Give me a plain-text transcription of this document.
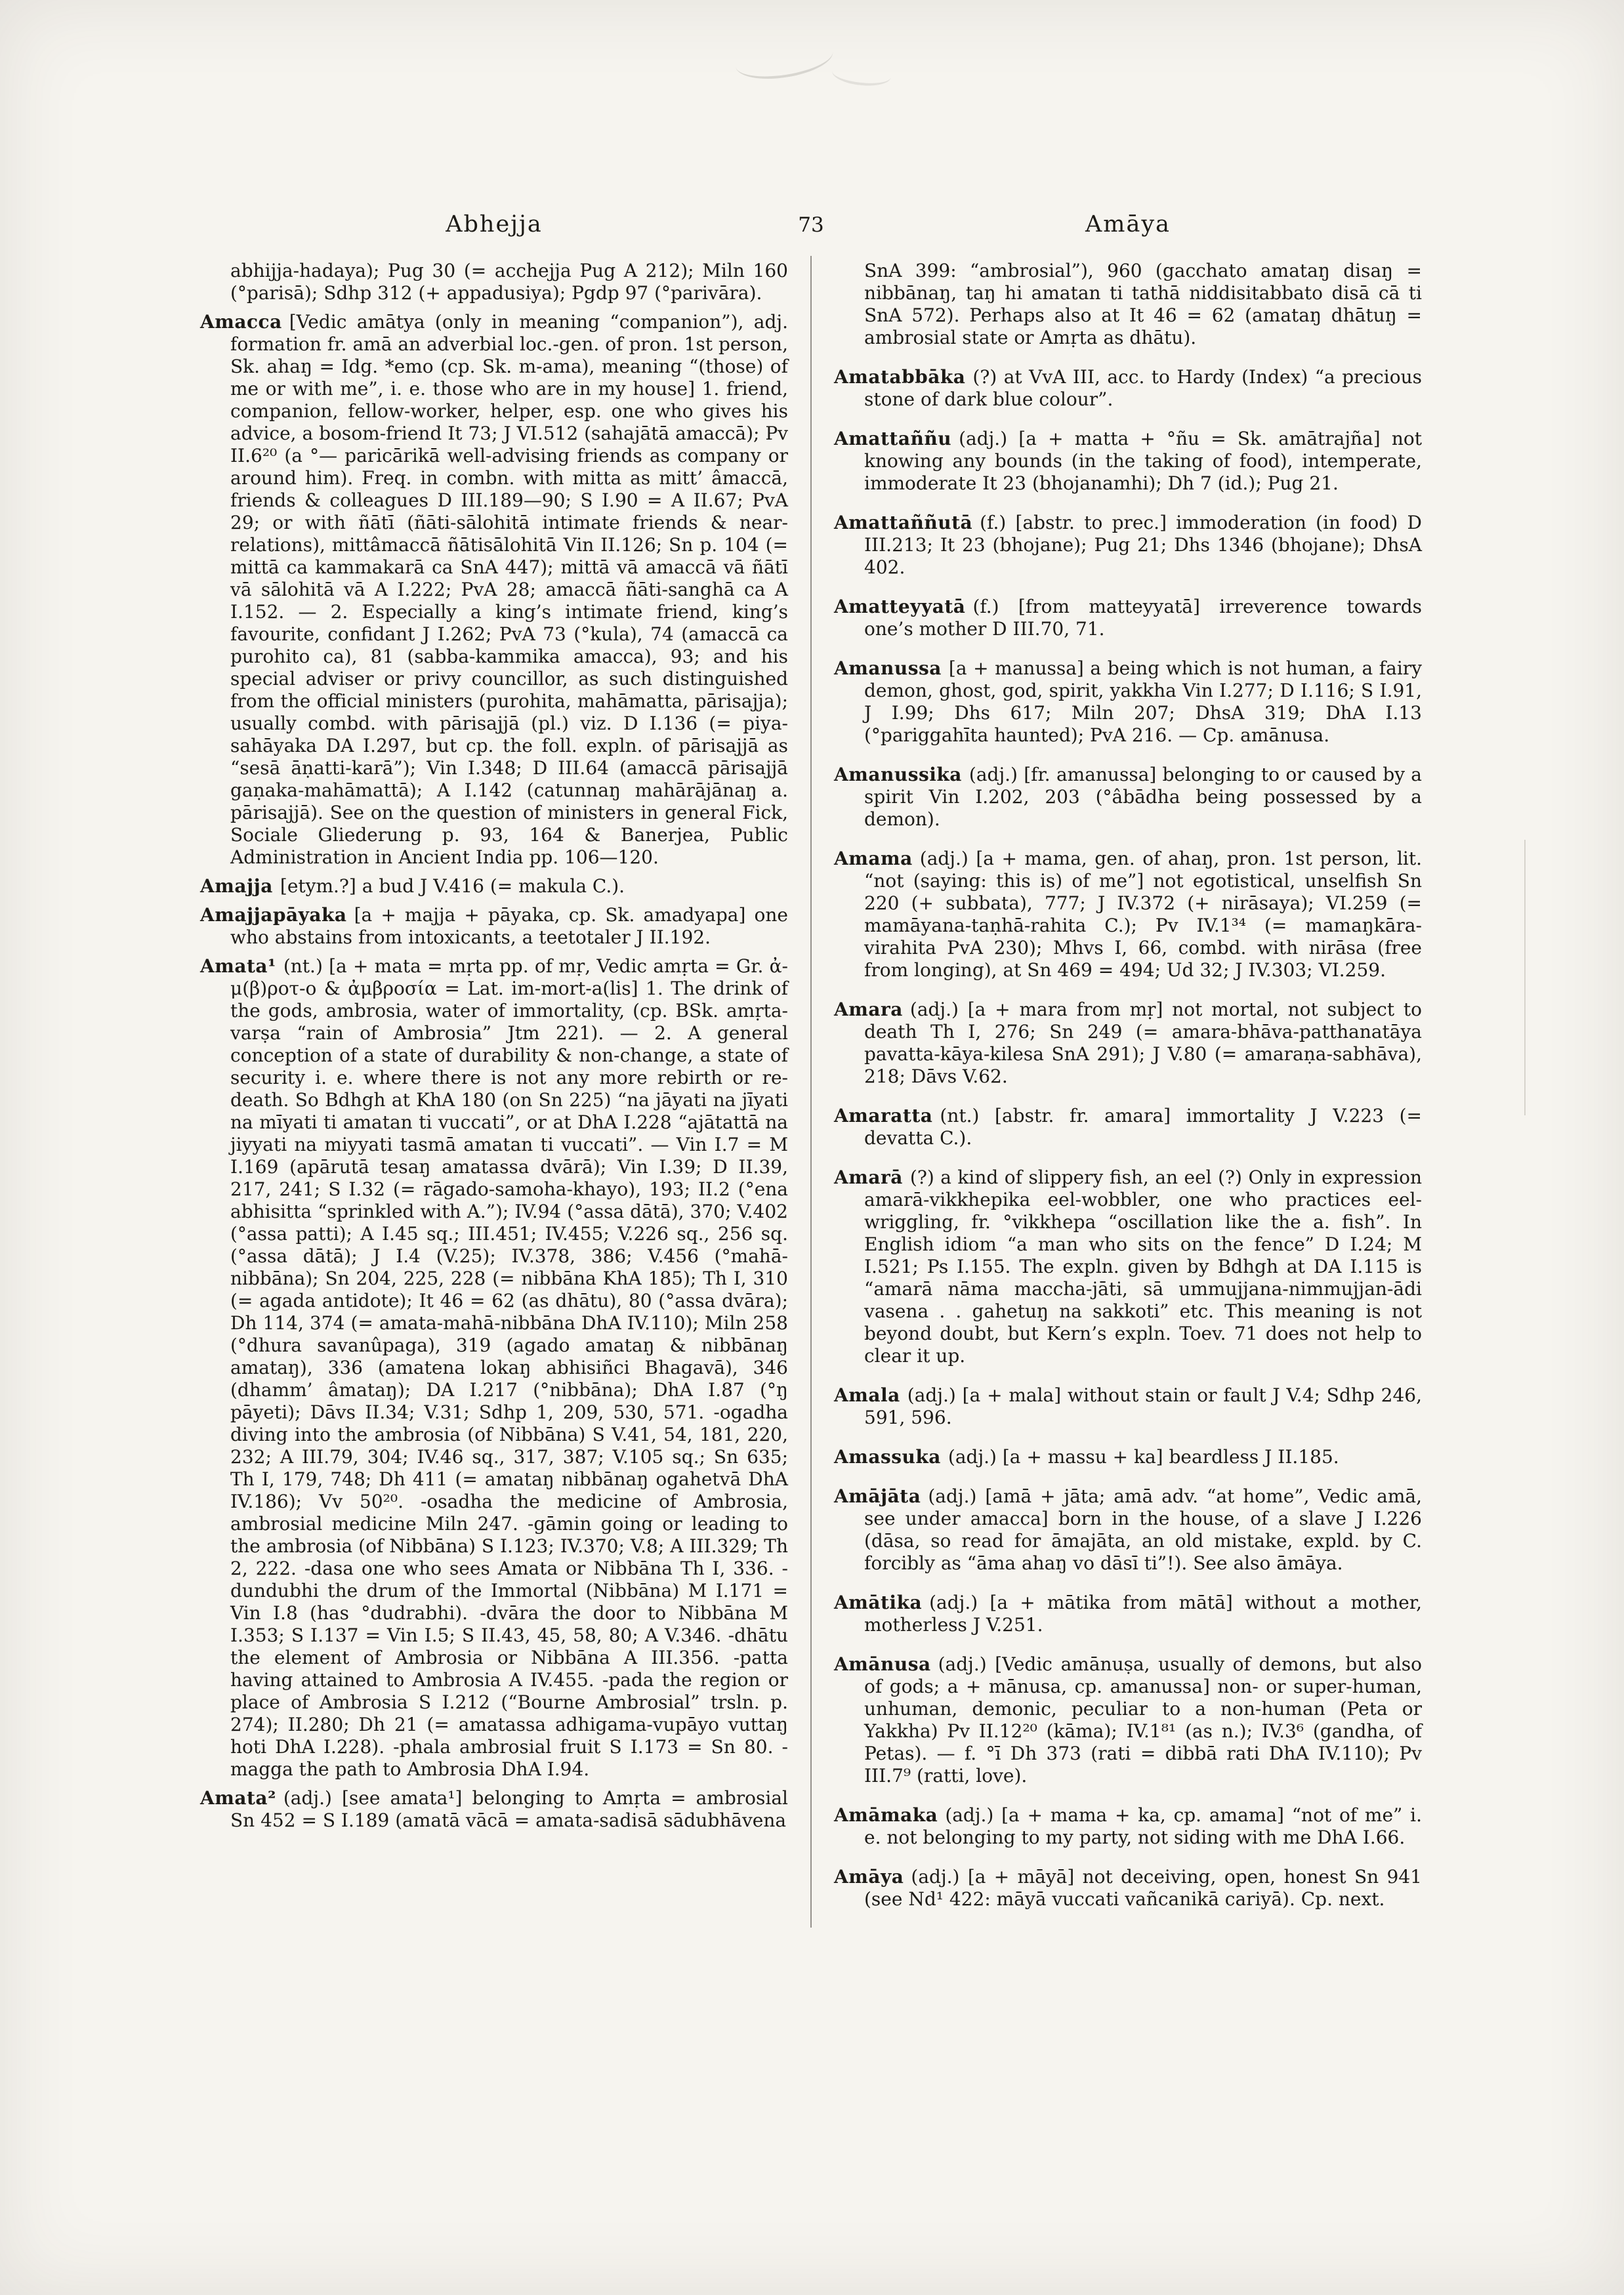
Abhejja	73	Amāya

abhijja-hadaya); Pug 30 (= acchejja Pug A 212); Miln 160 (°parisā); Sdhp 312 (+ appadusiya); Pgdp 97 (°parivāra).

Amacca [Vedic amātya (only in meaning “companion”), adj. formation fr. amā an adverbial loc.-gen. of pron. 1st person, Sk. ahaŋ = Idg. *emo (cp. Sk. m-ama), meaning “(those) of me or with me”, i. e. those who are in my house] 1. friend, companion, fellow-worker, helper, esp. one who gives his advice, a bosom-friend It 73; J VI.512 (sahajātā amaccā); Pv II.6²⁰ (a °— paricārikā well-advising friends as company or around him). Freq. in combn. with mitta as mitt’ âmaccā, friends & colleagues D III.189—90; S I.90 = A II.67; PvA 29; or with ñātī (ñāti-sālohitā intimate friends & near-relations), mittâmaccā ñātisālohitā Vin II.126; Sn p. 104 (= mittā ca kammakarā ca SnA 447); mittā vā amaccā vā ñātī vā sālohitā vā A I.222; PvA 28; amaccā ñāti-sanghā ca A I.152. — 2. Especially a king’s intimate friend, king’s favourite, confidant J I.262; PvA 73 (°kula), 74 (amaccā ca purohito ca), 81 (sabba-kammika amacca), 93; and his special adviser or privy councillor, as such distinguished from the official ministers (purohita, mahāmatta, pārisajja); usually combd. with pārisajjā (pl.) viz. D I.136 (= piya-sahāyaka DA I.297, but cp. the foll. expln. of pārisajjā as “sesā āṇatti-karā”); Vin I.348; D III.64 (amaccā pārisajjā gaṇaka-mahāmattā); A I.142 (catunnaŋ mahārājānaŋ a. pārisajjā). See on the question of ministers in general Fick, Sociale Gliederung p. 93, 164 & Banerjea, Public Administration in Ancient India pp. 106—120.

Amajja [etym.?] a bud J V.416 (= makula C.).

Amajjapāyaka [a + majja + pāyaka, cp. Sk. amadyapa] one who abstains from intoxicants, a teetotaler J II.192.

Amata¹ (nt.) [a + mata = mṛta pp. of mṛ, Vedic amṛta = Gr. ἀ-μ(β)ροτ-ο & ἀμβροσία = Lat. im-mort-a(lis] 1. The drink of the gods, ambrosia, water of immortality, (cp. BSk. amṛta-varṣa “rain of Ambrosia” Jtm 221). — 2. A general conception of a state of durability & non-change, a state of security i. e. where there is not any more rebirth or re-death. So Bdhgh at KhA 180 (on Sn 225) “na jāyati na jīyati na mīyati ti amatan ti vuccati”, or at DhA I.228 “ajātattā na jiyyati na miyyati tasmā amatan ti vuccati”. — Vin I.7 = M I.169 (apārutā tesaŋ amatassa dvārā); Vin I.39; D II.39, 217, 241; S I.32 (= rāgado-samoha-khayo), 193; II.2 (°ena abhisitta “sprinkled with A.”); IV.94 (°assa dātā), 370; V.402 (°assa patti); A I.45 sq.; III.451; IV.455; V.226 sq., 256 sq. (°assa dātā); J I.4 (V.25); IV.378, 386; V.456 (°mahā-nibbāna); Sn 204, 225, 228 (= nibbāna KhA 185); Th I, 310 (= agada antidote); It 46 = 62 (as dhātu), 80 (°assa dvāra); Dh 114, 374 (= amata-mahā-nibbāna DhA IV.110); Miln 258 (°dhura savanûpaga), 319 (agado amataŋ & nibbānaŋ amataŋ), 336 (amatena lokaŋ abhisiñci Bhagavā), 346 (dhamm’ âmataŋ); DA I.217 (°nibbāna); DhA I.87 (°ŋ pāyeti); Dāvs II.34; V.31; Sdhp 1, 209, 530, 571. -ogadha diving into the ambrosia (of Nibbāna) S V.41, 54, 181, 220, 232; A III.79, 304; IV.46 sq., 317, 387; V.105 sq.; Sn 635; Th I, 179, 748; Dh 411 (= amataŋ nibbānaŋ ogahetvā DhA IV.186); Vv 50²⁰. -osadha the medicine of Ambrosia, ambrosial medicine Miln 247. -gāmin going or leading to the ambrosia (of Nibbāna) S I.123; IV.370; V.8; A III.329; Th 2, 222. -dasa one who sees Amata or Nibbāna Th I, 336. -dundubhi the drum of the Immortal (Nibbāna) M I.171 = Vin I.8 (has °dudrabhi). -dvāra the door to Nibbāna M I.353; S I.137 = Vin I.5; S II.43, 45, 58, 80; A V.346. -dhātu the element of Ambrosia or Nibbāna A III.356. -patta having attained to Ambrosia A IV.455. -pada the region or place of Ambrosia S I.212 (“Bourne Ambrosial” trsln. p. 274); II.280; Dh 21 (= amatassa adhigama-vupāyo vuttaŋ hoti DhA I.228). -phala ambrosial fruit S I.173 = Sn 80. -magga the path to Ambrosia DhA I.94.

Amata² (adj.) [see amata¹] belonging to Amṛta = ambrosial Sn 452 = S I.189 (amatā vācā = amata-sadisā sādubhāvena

SnA 399: “ambrosial”), 960 (gacchato amataŋ disaŋ = nibbānaŋ, taŋ hi amatan ti tathā niddisitabbato disā cā ti SnA 572). Perhaps also at It 46 = 62 (amataŋ dhātuŋ = ambrosial state or Amṛta as dhātu).

Amatabbāka (?) at VvA III, acc. to Hardy (Index) “a precious stone of dark blue colour”.

Amattaññu (adj.) [a + matta + °ñu = Sk. amātrajña] not knowing any bounds (in the taking of food), intemperate, immoderate It 23 (bhojanamhi); Dh 7 (id.); Pug 21.

Amattaññutā (f.) [abstr. to prec.] immoderation (in food) D III.213; It 23 (bhojane); Pug 21; Dhs 1346 (bhojane); DhsA 402.

Amatteyyatā (f.) [from matteyyatā] irreverence towards one’s mother D III.70, 71.

Amanussa [a + manussa] a being which is not human, a fairy demon, ghost, god, spirit, yakkha Vin I.277; D I.116; S I.91, J I.99; Dhs 617; Miln 207; DhsA 319; DhA I.13 (°pariggahīta haunted); PvA 216. — Cp. amānusa.

Amanussika (adj.) [fr. amanussa] belonging to or caused by a spirit Vin I.202, 203 (°âbādha being possessed by a demon).

Amama (adj.) [a + mama, gen. of ahaŋ, pron. 1st person, lit. “not (saying: this is) of me”] not egotistical, unselfish Sn 220 (+ subbata), 777; J IV.372 (+ nirāsaya); VI.259 (= mamāyana-taṇhā-rahita C.); Pv IV.1³⁴ (= mamaŋkāra-virahita PvA 230); Mhvs I, 66, combd. with nirāsa (free from longing), at Sn 469 = 494; Ud 32; J IV.303; VI.259.

Amara (adj.) [a + mara from mṛ] not mortal, not subject to death Th I, 276; Sn 249 (= amara-bhāva-patthanatāya pavatta-kāya-kilesa SnA 291); J V.80 (= amaraṇa-sabhāva), 218; Dāvs V.62.

Amaratta (nt.) [abstr. fr. amara] immortality J V.223 (= devatta C.).

Amarā (?) a kind of slippery fish, an eel (?) Only in expression amarā-vikkhepika eel-wobbler, one who practices eel-wriggling, fr. °vikkhepa “oscillation like the a. fish”. In English idiom “a man who sits on the fence” D I.24; M I.521; Ps I.155. The expln. given by Bdhgh at DA I.115 is “amarā nāma maccha-jāti, sā ummujjana-nimmujjan-ādi vasena . . gahetuŋ na sakkoti” etc. This meaning is not beyond doubt, but Kern’s expln. Toev. 71 does not help to clear it up.

Amala (adj.) [a + mala] without stain or fault J V.4; Sdhp 246, 591, 596.

Amassuka (adj.) [a + massu + ka] beardless J II.185.

Amājāta (adj.) [amā + jāta; amā adv. “at home”, Vedic amā, see under amacca] born in the house, of a slave J I.226 (dāsa, so read for āmajāta, an old mistake, expld. by C. forcibly as “āma ahaŋ vo dāsī ti”!). See also āmāya.

Amātika (adj.) [a + mātika from mātā] without a mother, motherless J V.251.

Amānusa (adj.) [Vedic amānuṣa, usually of demons, but also of gods; a + mānusa, cp. amanussa] non- or super-human, unhuman, demonic, peculiar to a non-human (Peta or Yakkha) Pv II.12²⁰ (kāma); IV.1⁸¹ (as n.); IV.3⁶ (gandha, of Petas). — f. °ī Dh 373 (rati = dibbā rati DhA IV.110); Pv III.7⁹ (ratti, love).

Amāmaka (adj.) [a + mama + ka, cp. amama] “not of me” i. e. not belonging to my party, not siding with me DhA I.66.

Amāya (adj.) [a + māyā] not deceiving, open, honest Sn 941 (see Nd¹ 422: māyā vuccati vañcanikā cariyā). Cp. next.
